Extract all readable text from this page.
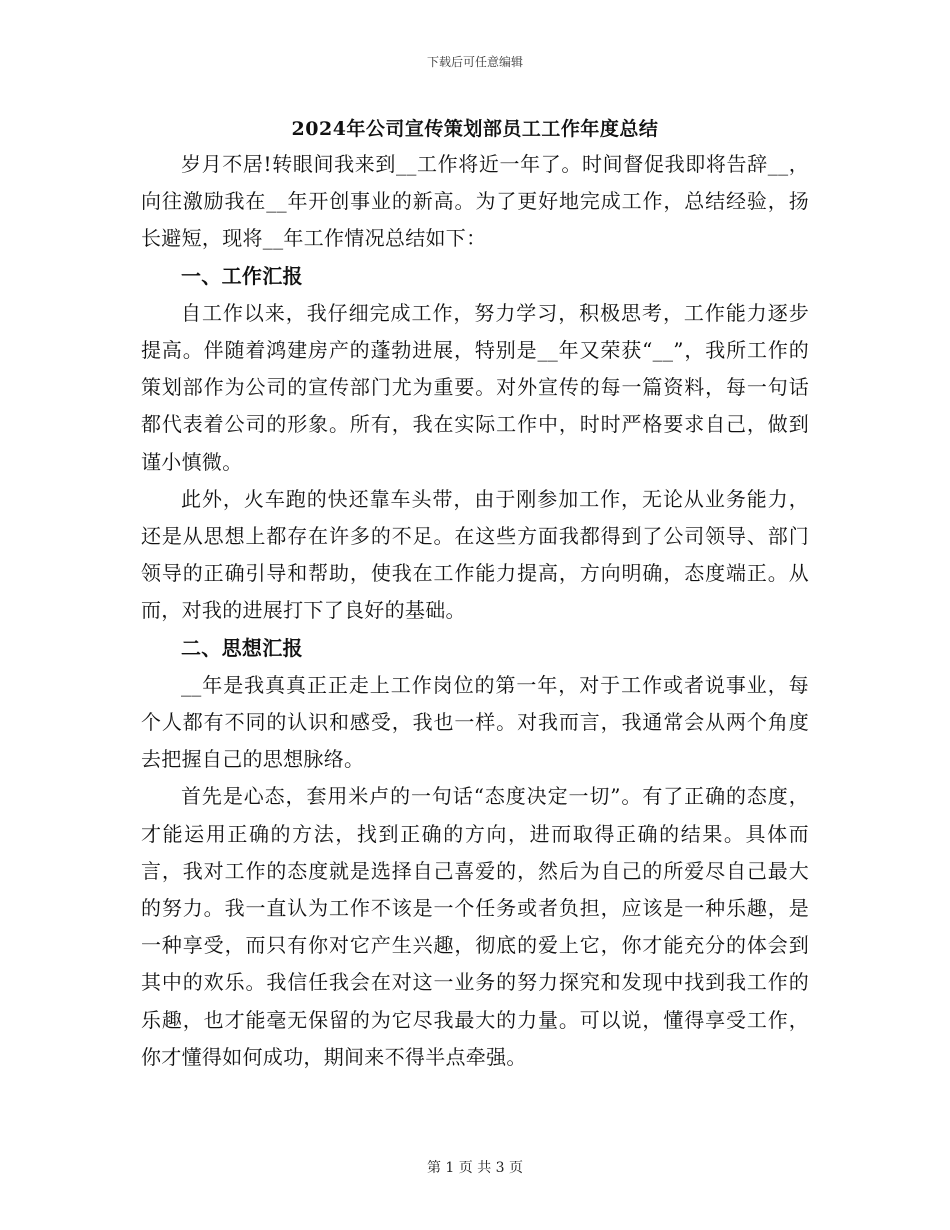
下载后可任意编辑
2024年公司宣传策划部员工工作年度总结

岁月不居!转眼间我来到__工作将近一年了。时间督促我即将告辞__，向往激励我在__年开创事业的新高。为了更好地完成工作，总结经验，扬长避短，现将__年工作情况总结如下：

一、工作汇报

自工作以来，我仔细完成工作，努力学习，积极思考，工作能力逐步提高。伴随着鸿建房产的蓬勃进展，特别是__年又荣获“__”，我所工作的策划部作为公司的宣传部门尤为重要。对外宣传的每一篇资料，每一句话都代表着公司的形象。所有，我在实际工作中，时时严格要求自己，做到谨小慎微。

此外，火车跑的快还靠车头带，由于刚参加工作，无论从业务能力，还是从思想上都存在许多的不足。在这些方面我都得到了公司领导、部门领导的正确引导和帮助，使我在工作能力提高，方向明确，态度端正。从而，对我的进展打下了良好的基础。

二、思想汇报

__年是我真真正正走上工作岗位的第一年，对于工作或者说事业，每个人都有不同的认识和感受，我也一样。对我而言，我通常会从两个角度去把握自己的思想脉络。

首先是心态，套用米卢的一句话“态度决定一切”。有了正确的态度，才能运用正确的方法，找到正确的方向，进而取得正确的结果。具体而言，我对工作的态度就是选择自己喜爱的，然后为自己的所爱尽自己最大的努力。我一直认为工作不该是一个任务或者负担，应该是一种乐趣，是一种享受，而只有你对它产生兴趣，彻底的爱上它，你才能充分的体会到其中的欢乐。我信任我会在对这一业务的努力探究和发现中找到我工作的乐趣，也才能毫无保留的为它尽我最大的力量。可以说，懂得享受工作，你才懂得如何成功，期间来不得半点牵强。

第 1 页 共 3 页
